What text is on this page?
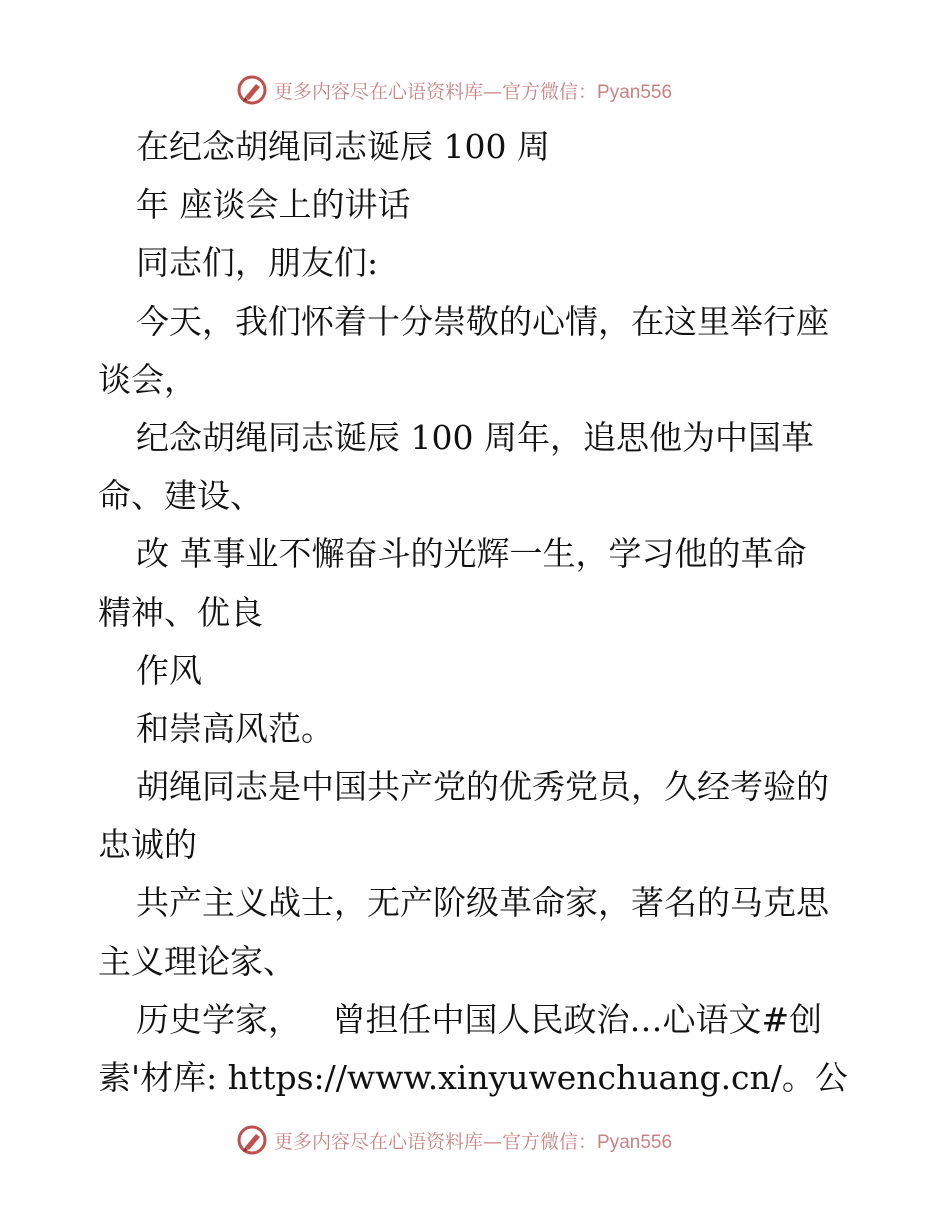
更多内容尽在心语资料库—官方微信：Pyan556
在纪念胡绳同志诞辰 100 周
年 座谈会上的讲话
同志们，朋友们:
今天，我们怀着十分崇敬的心情，在这里举行座
谈会，
纪念胡绳同志诞辰 100 周年，追思他为中国革
命、建设、
改 革事业不懈奋斗的光辉一生，学习他的革命
精神、优良
作风
和崇高风范。
胡绳同志是中国共产党的优秀党员，久经考验的
忠诚的
共产主义战士，无产阶级革命家，著名的马克思
主义理论家、
历史学家，   曾担任中国人民政治…心语文#创
素'材库: https://www.xinyuwenchuang.cn/。公
更多内容尽在心语资料库—官方微信：Pyan556
